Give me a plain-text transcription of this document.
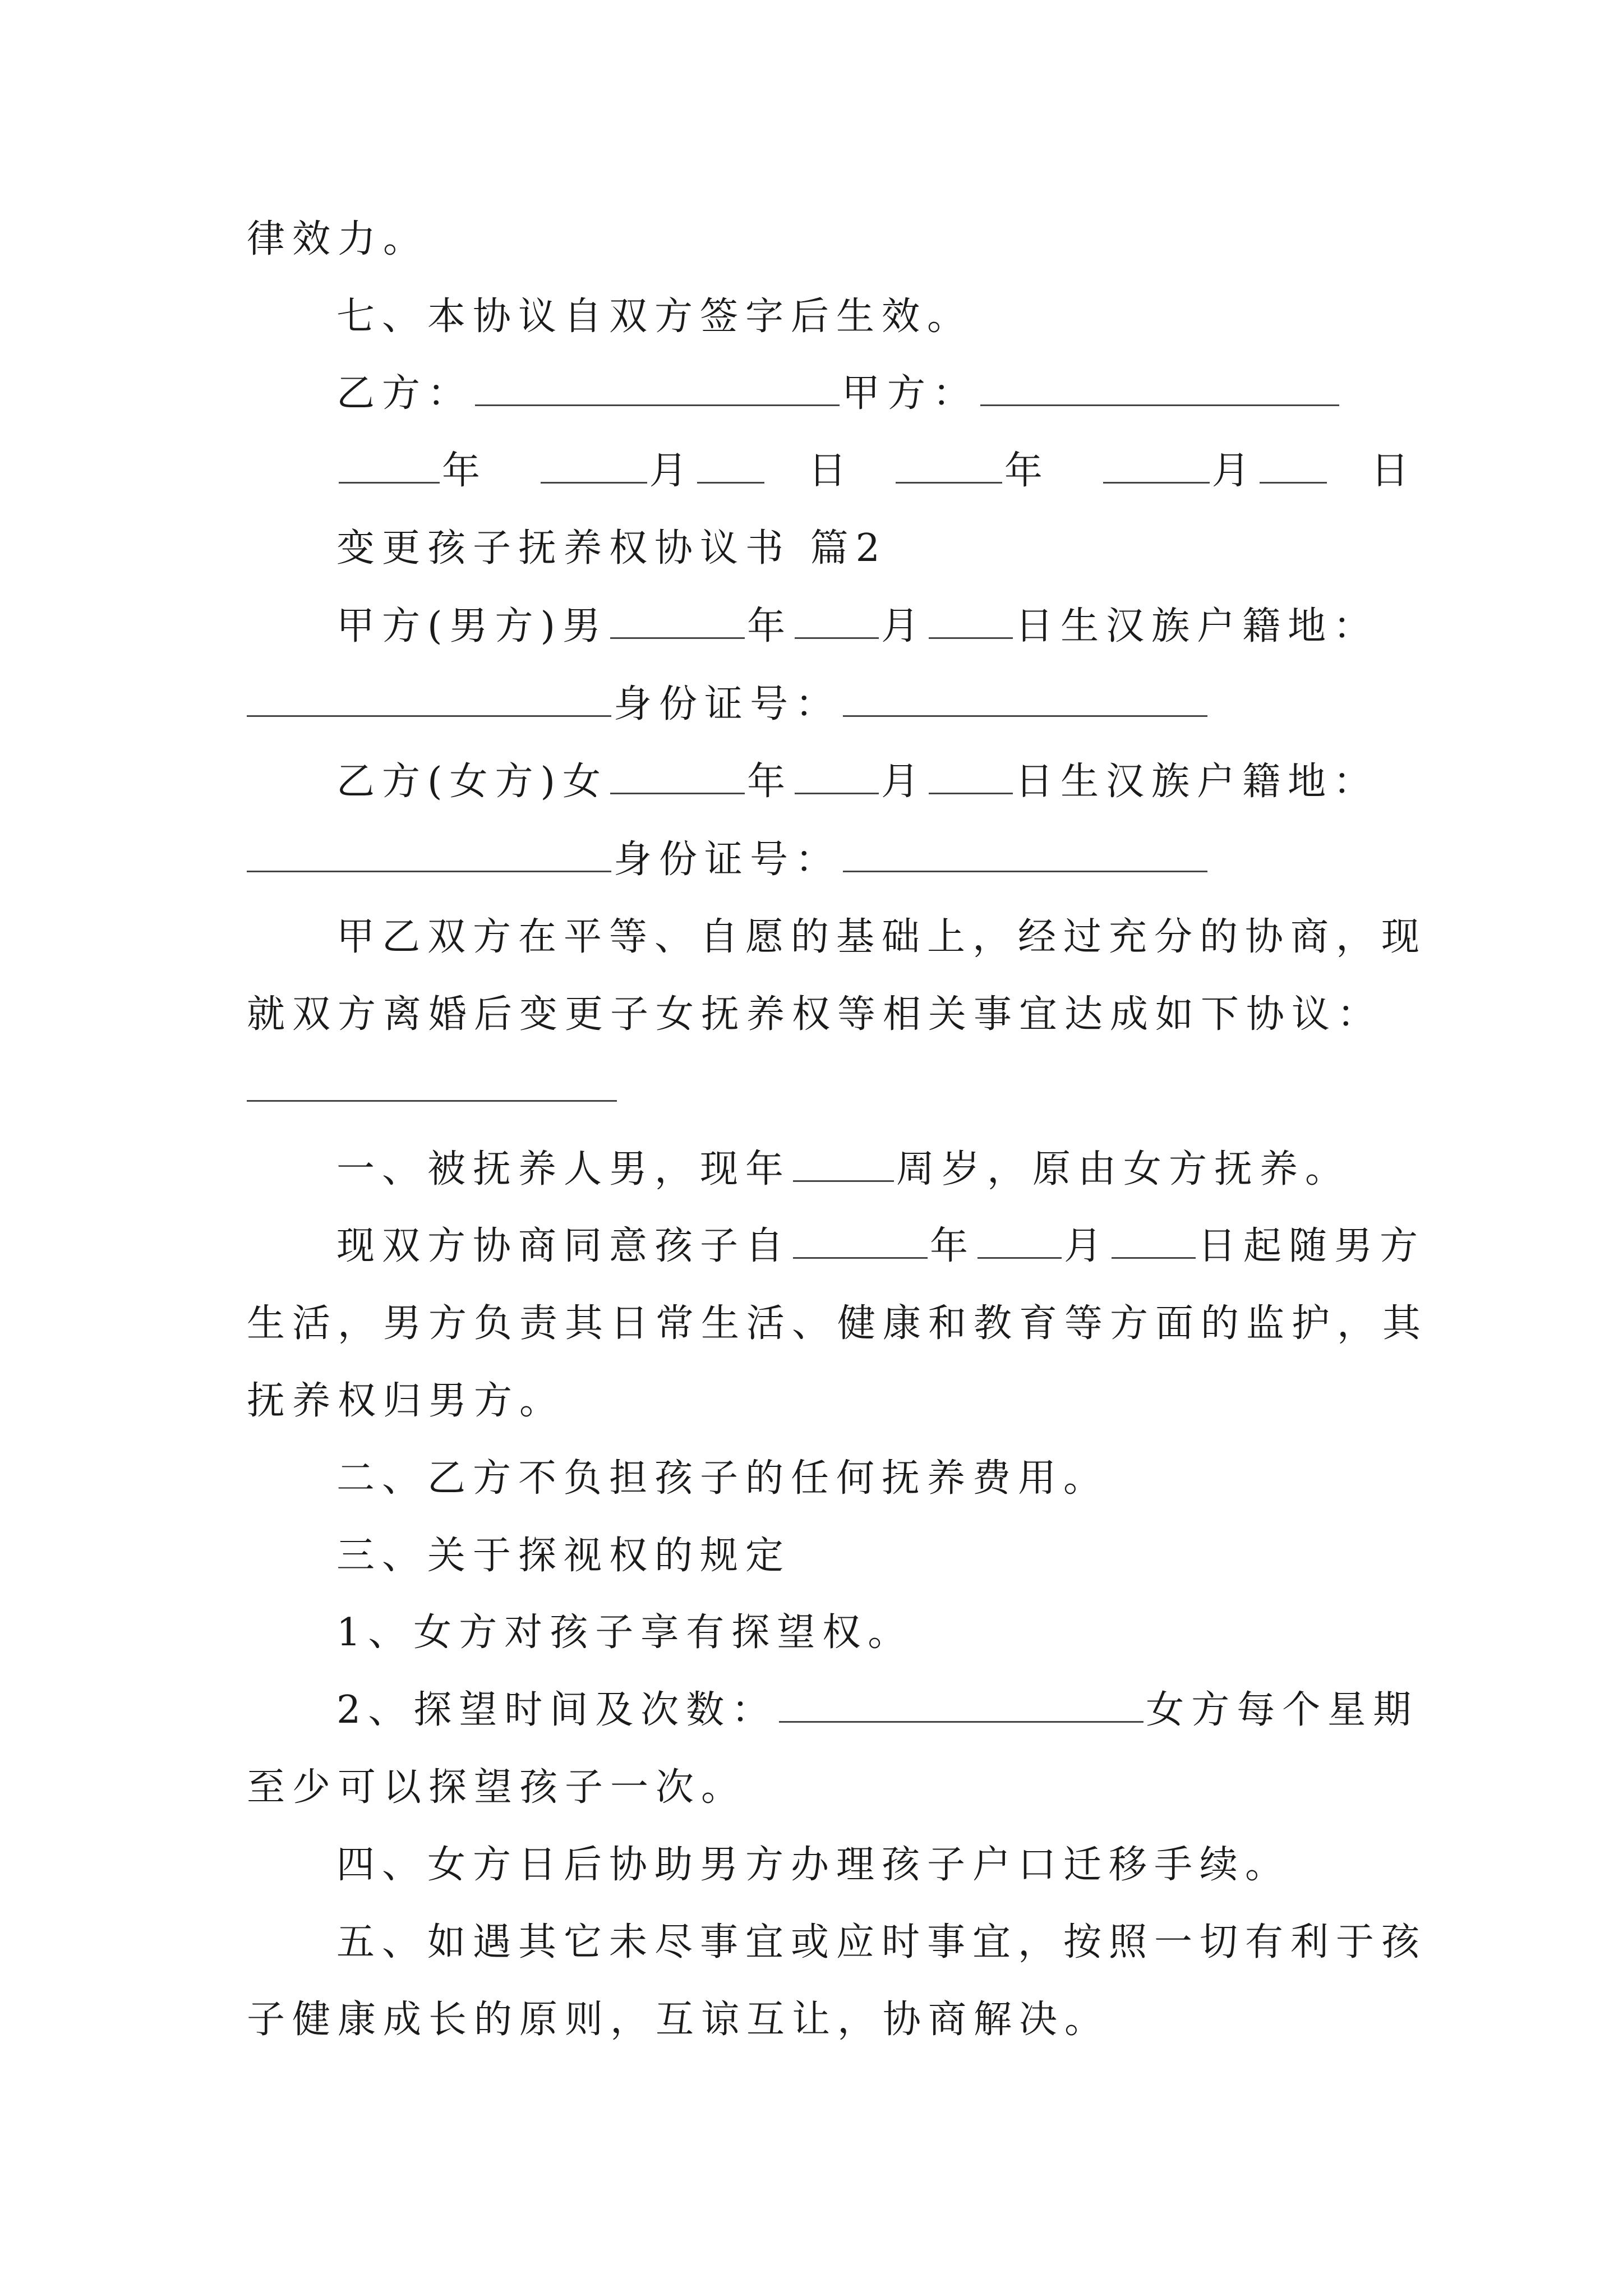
律效力。
七、本协议自双方签字后生效。
乙方：	甲方：
年	月	日	年	月	日
变更孩子抚养权协议书 篇2
甲方(男方)男	年 月 日生汉族户籍地：
身份证号：
乙方(女方)女	年 月 日生汉族户籍地：
身份证号：
甲乙双方在平等、自愿的基础上，经过充分的协商，现
就双方离婚后变更子女抚养权等相关事宜达成如下协议：
一、被抚养人男，现年	周岁，原由女方抚养。
现双方协商同意孩子自	年 月 日起随男方
生活，男方负责其日常生活、健康和教育等方面的监护，其
抚养权归男方。
二、乙方不负担孩子的任何抚养费用。
三、关于探视权的规定
1、女方对孩子享有探望权。
2、探望时间及次数：	女方每个星期
至少可以探望孩子一次。
四、女方日后协助男方办理孩子户口迁移手续。
五、如遇其它未尽事宜或应时事宜，按照一切有利于孩
子健康成长的原则，互谅互让，协商解决。
